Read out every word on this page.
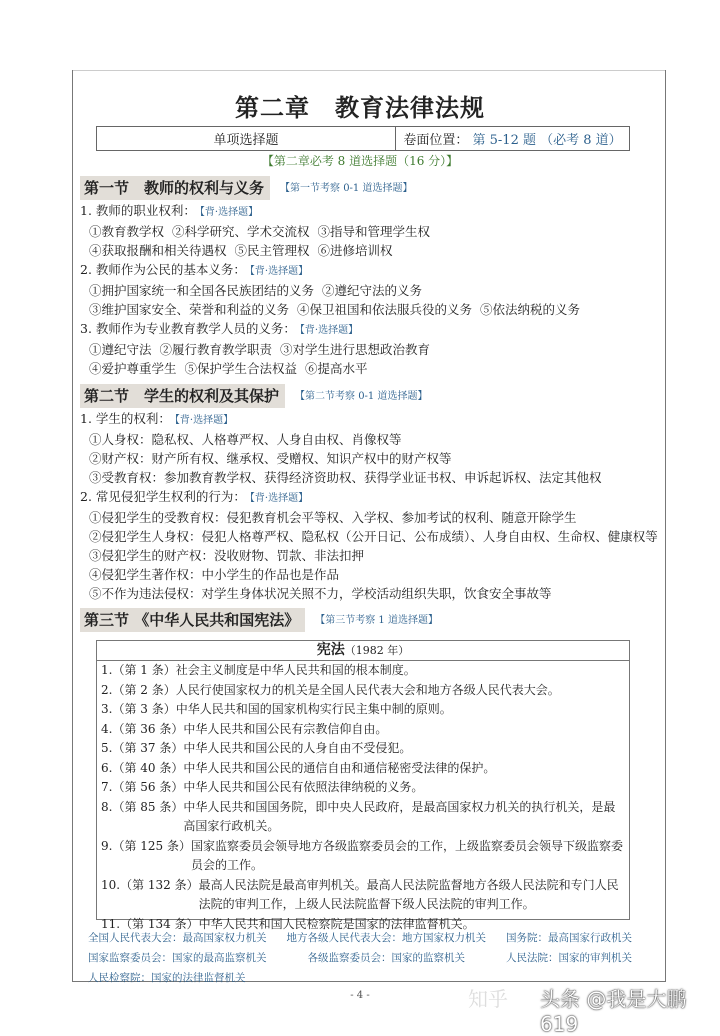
第二章　教育法律法规
单项选择题	卷面位置：
第 5-12 题 （必考 8 道）
【第二章必考 8 道选择题（16 分）】
第一节　教师的权利与义务	【第一节考察 0-1 道选择题】
1. 教师的职业权利： 【背·选择题】
①教育教学权 ②科学研究、学术交流权 ③指导和管理学生权
④获取报酬和相关待遇权 ⑤民主管理权 ⑥进修培训权
2. 教师作为公民的基本义务： 【背·选择题】
①拥护国家统一和全国各民族团结的义务 ②遵纪守法的义务
③维护国家安全、荣誉和利益的义务 ④保卫祖国和依法服兵役的义务 ⑤依法纳税的义务
3. 教师作为专业教育教学人员的义务： 【背·选择题】
①遵纪守法 ②履行教育教学职责 ③对学生进行思想政治教育
④爱护尊重学生 ⑤保护学生合法权益 ⑥提高水平
第二节　学生的权利及其保护	【第二节考察 0-1 道选择题】
1. 学生的权利： 【背·选择题】
①人身权：隐私权、人格尊严权、人身自由权、肖像权等
②财产权：财产所有权、继承权、受赠权、知识产权中的财产权等
③受教育权：参加教育教学权、获得经济资助权、获得学业证书权、申诉起诉权、法定其他权
2. 常见侵犯学生权利的行为： 【背·选择题】
①侵犯学生的受教育权：侵犯教育机会平等权、入学权、参加考试的权利、随意开除学生
②侵犯学生人身权：侵犯人格尊严权、隐私权（公开日记、公布成绩）、人身自由权、生命权、健康权等
③侵犯学生的财产权：没收财物、罚款、非法扣押
④侵犯学生著作权：中小学生的作品也是作品
⑤不作为违法侵权：对学生身体状况关照不力，学校活动组织失职，饮食安全事故等
第三节 《中华人民共和国宪法》	【第三节考察 1 道选择题】
宪法（1982 年）
1.（第 1 条） 社会主义制度是中华人民共和国的根本制度。
2.（第 2 条） 人民行使国家权力的机关是全国人民代表大会和地方各级人民代表大会。
3.（第 3 条） 中华人民共和国的国家机构实行民主集中制的原则。
4.（第 36 条） 中华人民共和国公民有宗教信仰自由。
5.（第 37 条） 中华人民共和国公民的人身自由不受侵犯。
6.（第 40 条） 中华人民共和国公民的通信自由和通信秘密受法律的保护。
7.（第 56 条） 中华人民共和国公民有依照法律纳税的义务。
8.（第 85 条） 中华人民共和国国务院，即中央人民政府，是最高国家权力机关的执行机关，是最高国家行政机关。
9.（第 125 条） 国家监察委员会领导地方各级监察委员会的工作，上级监察委员会领导下级监察委员会的工作。
10.（第 132 条） 最高人民法院是最高审判机关。最高人民法院监督地方各级人民法院和专门人民法院的审判工作，上级人民法院监督下级人民法院的审判工作。
11.（第 134 条） 中华人民共和国人民检察院是国家的法律监督机关。
全国人民代表大会：最高国家权力机关 地方各级人民代表大会：地方国家权力机关 国务院：最高国家行政机关
国家监察委员会：国家的最高监察机关	各级监察委员会：国家的监察机关	人民法院：国家的审判机关
人民检察院：国家的法律监督机关
- 4 -	知乎 头条 @我是大鹏619
